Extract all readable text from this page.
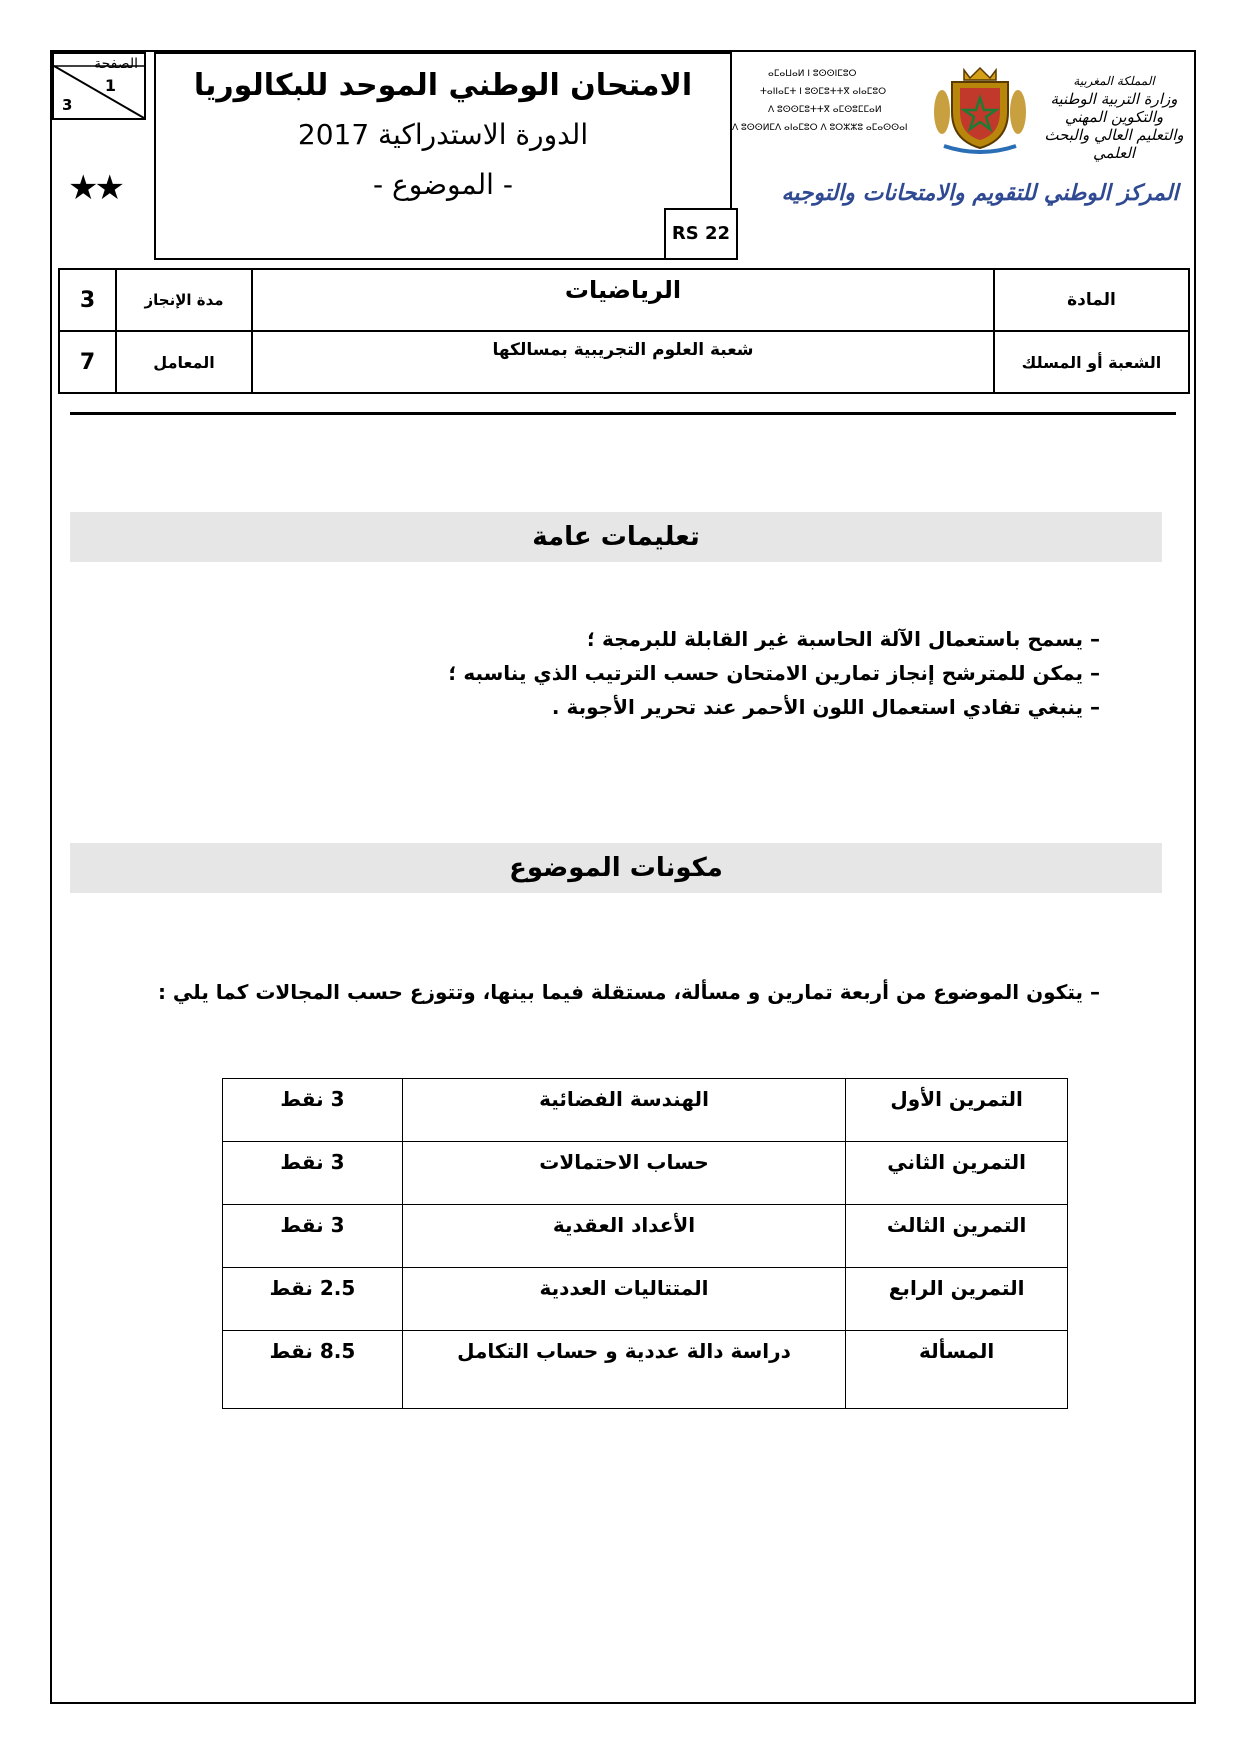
الصفحة
1
3
★★
الامتحان الوطني الموحد للبكالوريا
الدورة الاستدراكية 2017
- الموضوع -
RS 22
ⴰⵎⴰⵡⴰⵍ ⵏ ⵓⵙⵙⵏⵎⵓⵔ
ⵜⴰⵏⵏⴰⵎⵜ ⵏ ⵓⵙⵎⵓⵜⵜⴳ ⴰⵏⴰⵎⵓⵔ
ⴷ ⵓⵙⵙⵎⵓⵜⵜⴳ ⴰⵎⵙⵓⵎⵎⴰⵍ
ⴷ ⵓⵙⵙⵍⵎⴷ ⴰⵏⴰⵎⵓⵔ ⴷ ⵓⵔⵣⵣⵓ ⴰⵎⴰⵙⵙⴰⵏ
المملكة المغربية
وزارة التربية الوطنية
والتكوين المهني
والتعليم العالي والبحث العلمي
المركز الوطني للتقويم والامتحانات والتوجيه
المادة	الرياضيات	مدة الإنجاز	3
الشعبة أو المسلك	شعبة العلوم التجريبية بمسالكها	المعامل	7
تعليمات عامة
– يسمح باستعمال الآلة الحاسبة غير القابلة للبرمجة ؛
– يمكن للمترشح إنجاز تمارين الامتحان حسب الترتيب الذي يناسبه ؛
– ينبغي تفادي استعمال اللون الأحمر عند تحرير الأجوبة .
مكونات الموضوع
– يتكون الموضوع من أربعة تمارين و مسألة، مستقلة فيما بينها، وتتوزع حسب المجالات كما يلي :
التمرين الأول	الهندسة الفضائية	3 نقط
التمرين الثاني	حساب الاحتمالات	3 نقط
التمرين الثالث	الأعداد العقدية	3 نقط
التمرين الرابع	المتتاليات العددية	2.5 نقط
المسألة	دراسة دالة عددية و حساب التكامل	8.5 نقط
